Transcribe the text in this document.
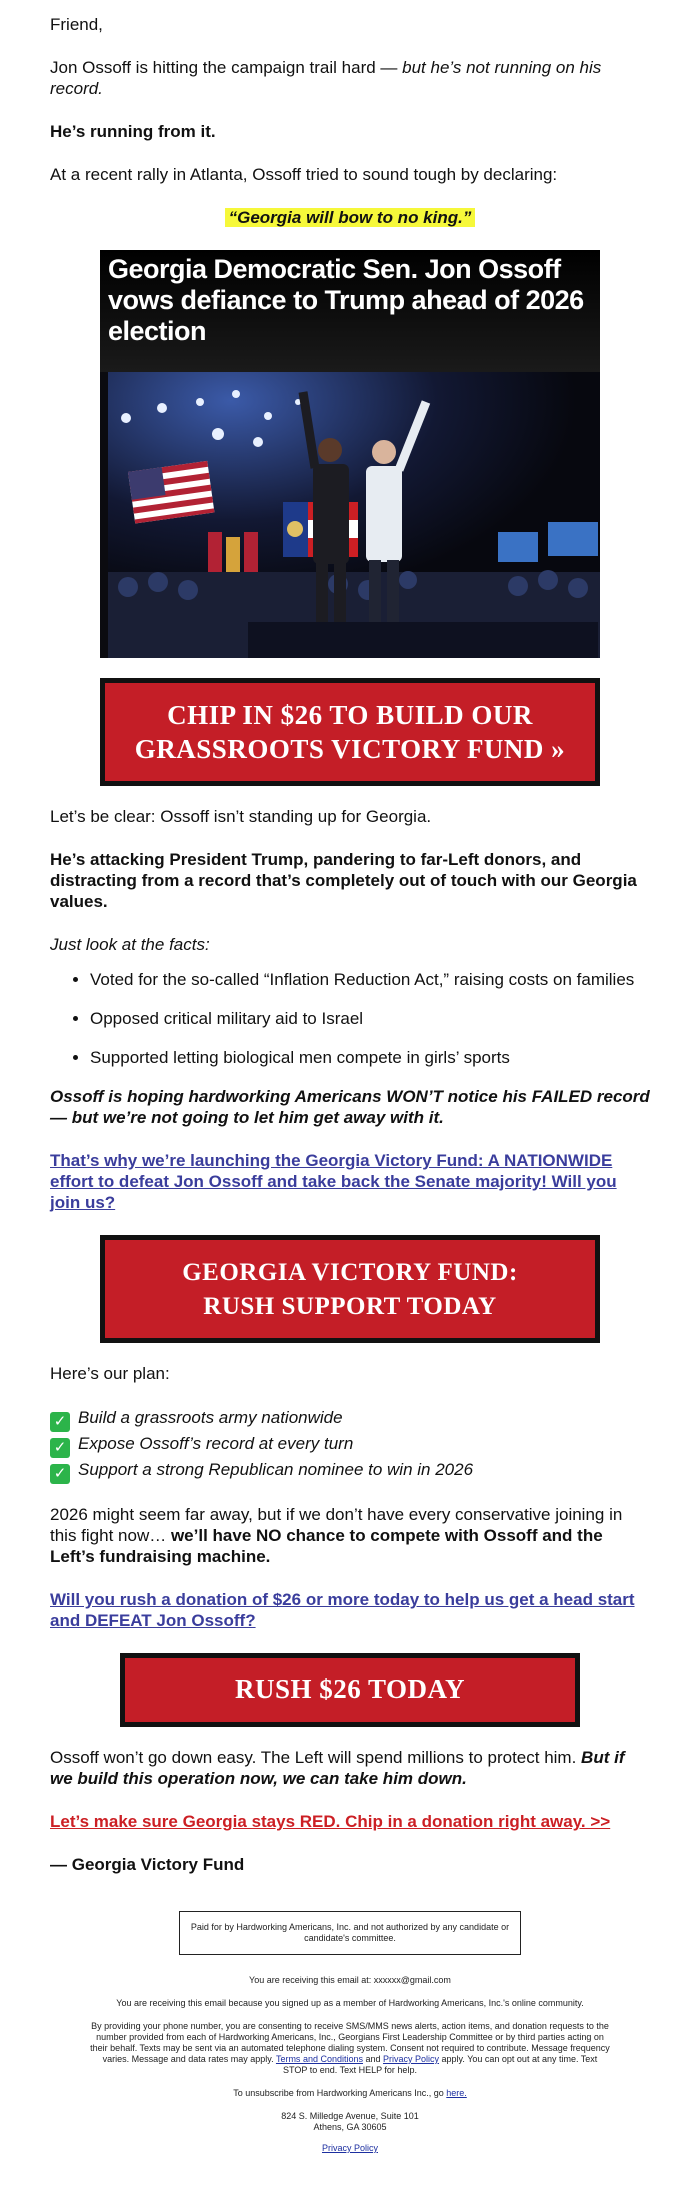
Friend,

Jon Ossoff is hitting the campaign trail hard — but he’s not running on his record.

He’s running from it.

At a recent rally in Atlanta, Ossoff tried to sound tough by declaring:

“Georgia will bow to no king.”

Georgia Democratic Sen. Jon Ossoff vows defiance to Trump ahead of 2026 election
CHIP IN $26 TO BUILD OUR
GRASSROOTS VICTORY FUND »

Let’s be clear: Ossoff isn’t standing up for Georgia.

He’s attacking President Trump, pandering to far-Left donors, and distracting from a record that’s completely out of touch with our Georgia values.

Just look at the facts:

• Voted for the so-called “Inflation Reduction Act,” raising costs on families
• Opposed critical military aid to Israel
• Supported letting biological men compete in girls’ sports

Ossoff is hoping hardworking Americans WON’T notice his FAILED record — but we’re not going to let him get away with it.

That’s why we’re launching the Georgia Victory Fund: A NATIONWIDE effort to defeat Jon Ossoff and take back the Senate majority! Will you join us?

GEORGIA VICTORY FUND:
RUSH SUPPORT TODAY

Here’s our plan:

✓ Build a grassroots army nationwide
✓ Expose Ossoff’s record at every turn
✓ Support a strong Republican nominee to win in 2026

2026 might seem far away, but if we don’t have every conservative joining in this fight now… we’ll have NO chance to compete with Ossoff and the Left’s fundraising machine.

Will you rush a donation of $26 or more today to help us get a head start and DEFEAT Jon Ossoff?

RUSH $26 TODAY

Ossoff won’t go down easy. The Left will spend millions to protect him. But if we build this operation now, we can take him down.

Let’s make sure Georgia stays RED. Chip in a donation right away. >>

— Georgia Victory Fund

Paid for by Hardworking Americans, Inc. and not authorized by any candidate or candidate's committee.

You are receiving this email at: xxxxxx@gmail.com

You are receiving this email because you signed up as a member of Hardworking Americans, Inc.'s online community.

By providing your phone number, you are consenting to receive SMS/MMS news alerts, action items, and donation requests to the number provided from each of Hardworking Americans, Inc., Georgians First Leadership Committee or by third parties acting on their behalf. Texts may be sent via an automated telephone dialing system. Consent not required to contribute. Message frequency varies. Message and data rates may apply. Terms and Conditions and Privacy Policy apply. You can opt out at any time. Text STOP to end. Text HELP for help.

To unsubscribe from Hardworking Americans Inc., go here.

824 S. Milledge Avenue, Suite 101
Athens, GA 30605

Privacy Policy
